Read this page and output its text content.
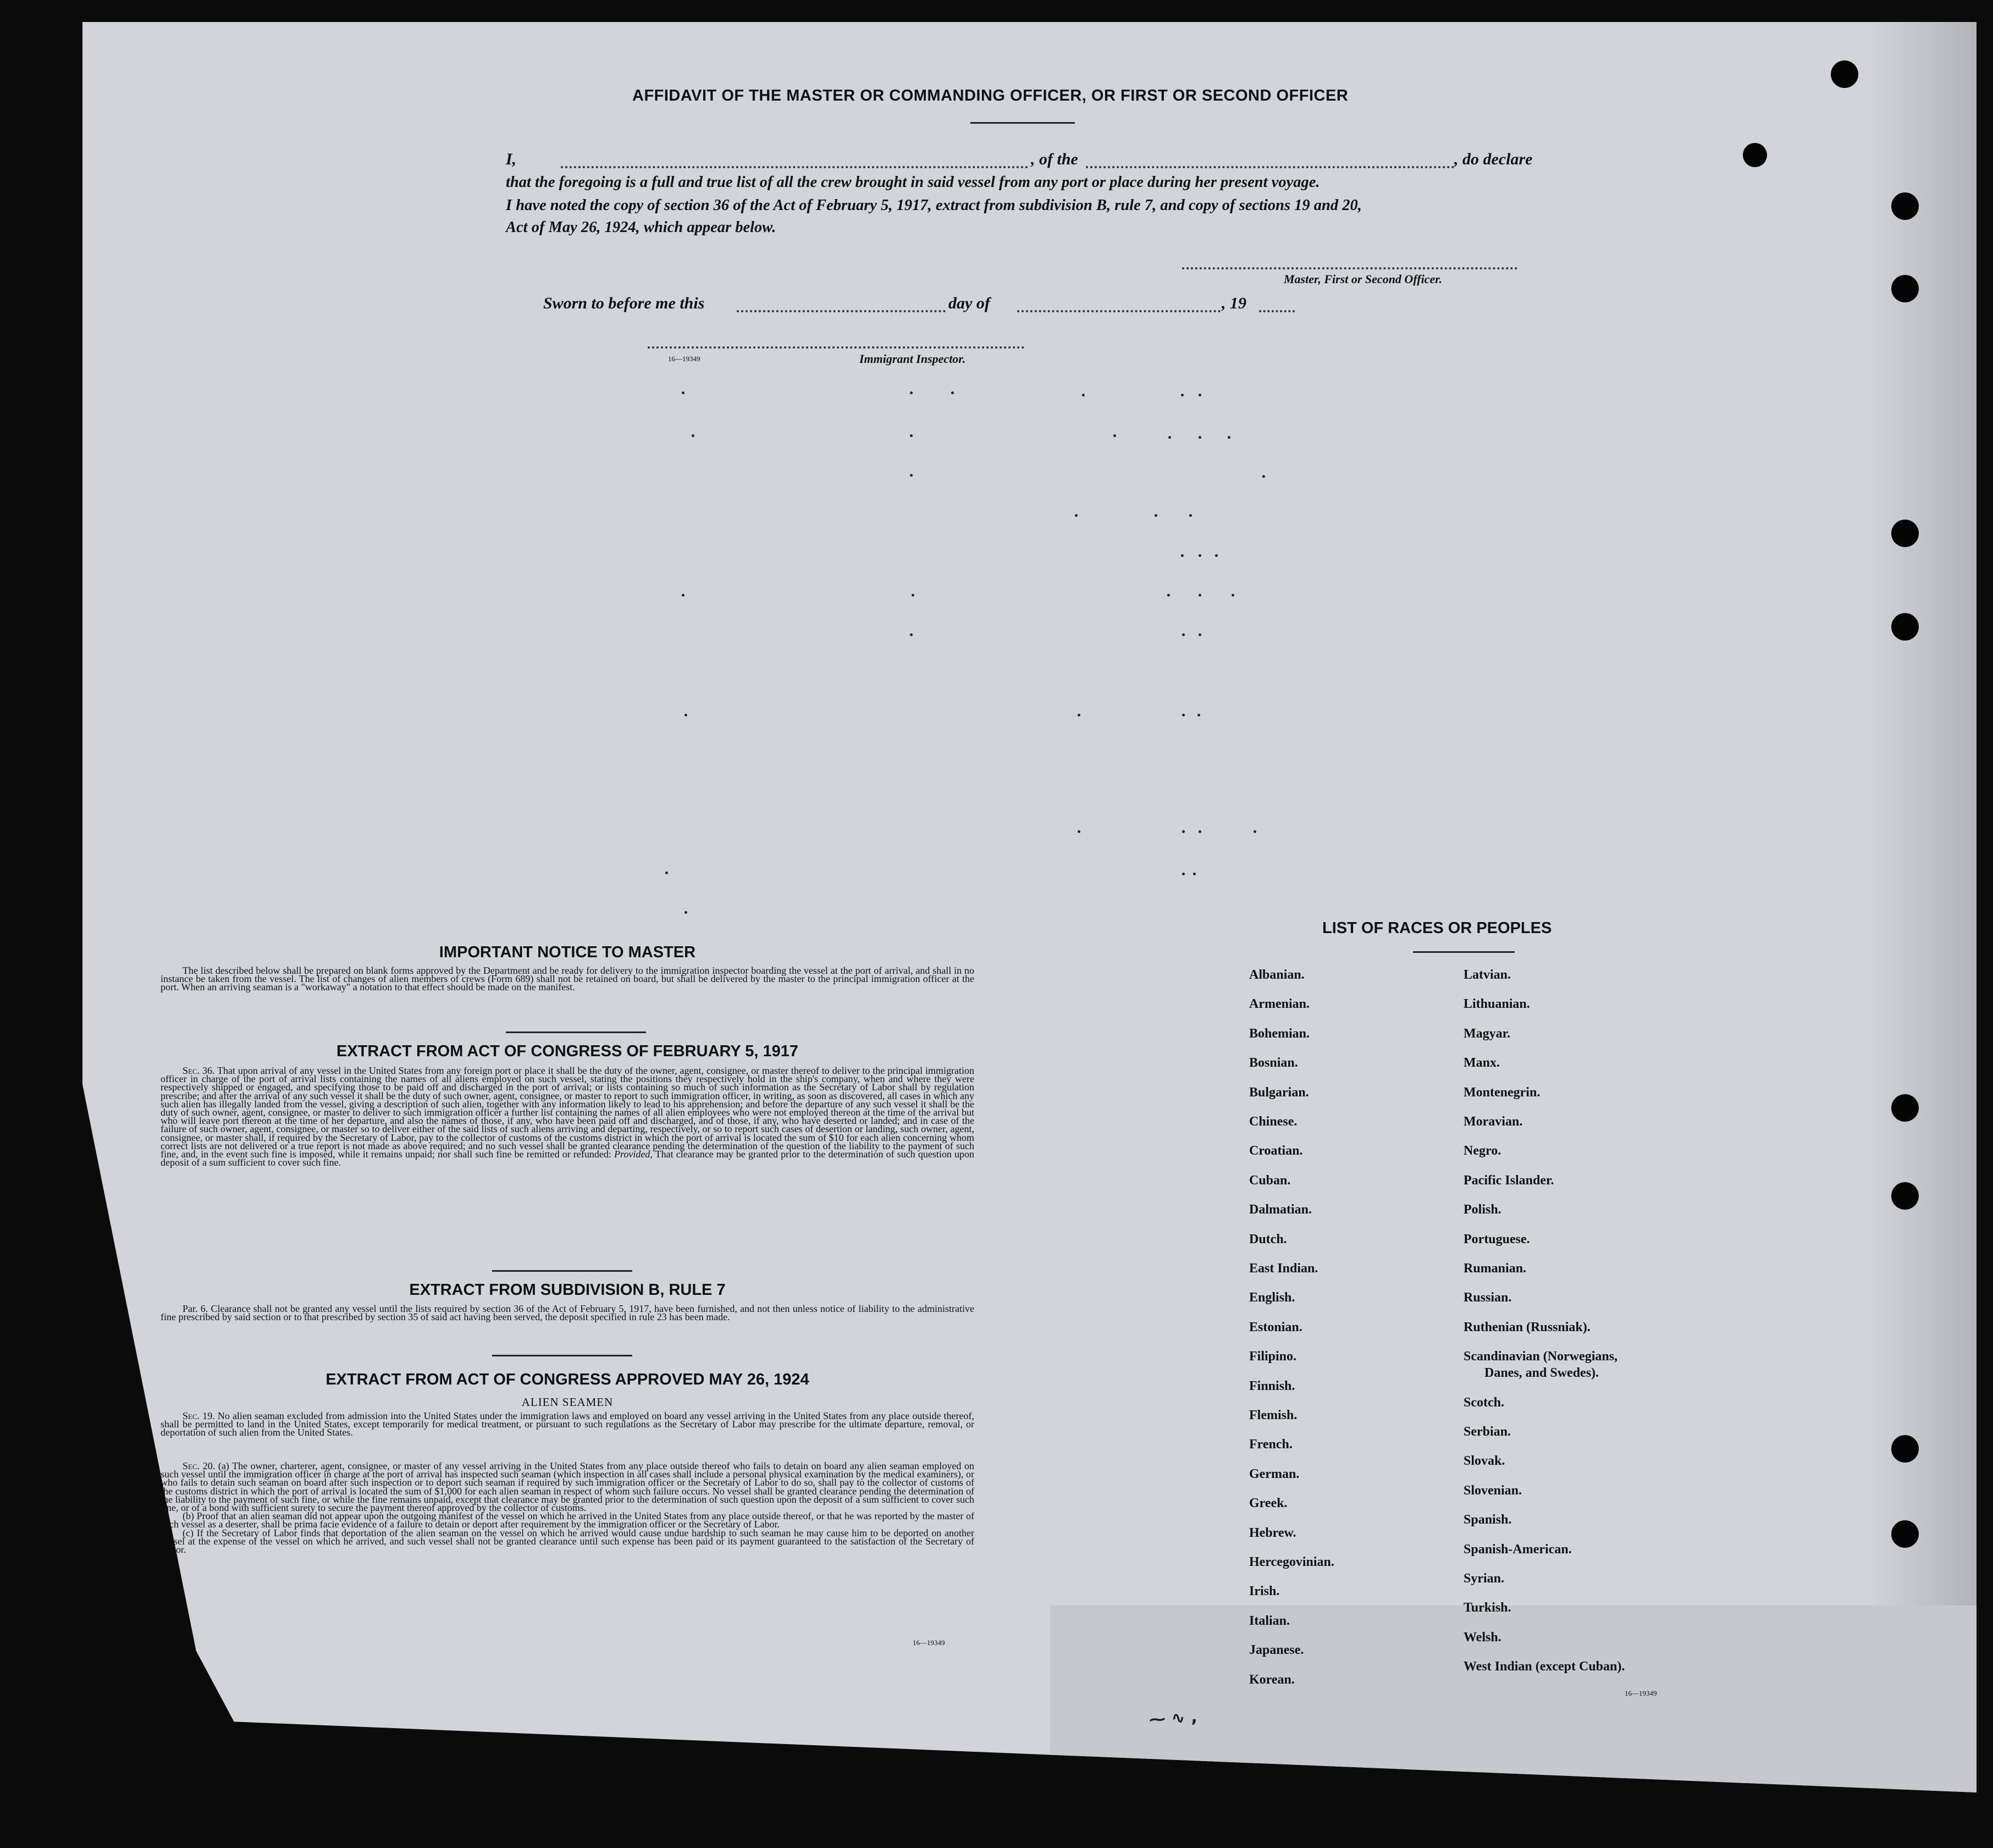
AFFIDAVIT OF THE MASTER OR COMMANDING OFFICER, OR FIRST OR SECOND OFFICER
I,	, of the	, do declare
that the foregoing is a full and true list of all the crew brought in said vessel from any port or place during her present voyage.
I have noted the copy of section 36 of the Act of February 5, 1917, extract from subdivision B, rule 7, and copy of sections 19 and 20,
Act of May 26, 1924, which appear below.
Master, First or Second Officer.
Sworn to before me this	day of	, 19
16—19349	Immigrant Inspector.
IMPORTANT NOTICE TO MASTER
The list described below shall be prepared on blank forms approved by the Department and be ready for delivery to the immigration inspector boarding the vessel at the port of arrival, and shall in no instance be taken from the vessel. The list of changes of alien members of crews (Form 689) shall not be retained on board, but shall be delivered by the master to the principal immigration officer at the port. When an arriving seaman is a "workaway" a notation to that effect should be made on the manifest.
EXTRACT FROM ACT OF CONGRESS OF FEBRUARY 5, 1917
Sec. 36. That upon arrival of any vessel in the United States from any foreign port or place it shall be the duty of the owner, agent, consignee, or master thereof to deliver to the principal immigration officer in charge of the port of arrival lists containing the names of all aliens employed on such vessel, stating the positions they respectively hold in the ship's company, when and where they were respectively shipped or engaged, and specifying those to be paid off and discharged in the port of arrival; or lists containing so much of such information as the Secretary of Labor shall by regulation prescribe; and after the arrival of any such vessel it shall be the duty of such owner, agent, consignee, or master to report to such immigration officer, in writing, as soon as discovered, all cases in which any such alien has illegally landed from the vessel, giving a description of such alien, together with any information likely to lead to his apprehension; and before the departure of any such vessel it shall be the duty of such owner, agent, consignee, or master to deliver to such immigration officer a further list containing the names of all alien employees who were not employed thereon at the time of the arrival but who will leave port thereon at the time of her departure, and also the names of those, if any, who have been paid off and discharged, and of those, if any, who have deserted or landed; and in case of the failure of such owner, agent, consignee, or master so to deliver either of the said lists of such aliens arriving and departing, respectively, or so to report such cases of desertion or landing, such owner, agent, consignee, or master shall, if required by the Secretary of Labor, pay to the collector of customs of the customs district in which the port of arrival is located the sum of $10 for each alien concerning whom correct lists are not delivered or a true report is not made as above required; and no such vessel shall be granted clearance pending the determination of the question of the liability to the payment of such fine, and, in the event such fine is imposed, while it remains unpaid; nor shall such fine be remitted or refunded: Provided, That clearance may be granted prior to the determination of such question upon deposit of a sum sufficient to cover such fine.
EXTRACT FROM SUBDIVISION B, RULE 7
Par. 6. Clearance shall not be granted any vessel until the lists required by section 36 of the Act of February 5, 1917, have been furnished, and not then unless notice of liability to the administrative fine prescribed by said section or to that prescribed by section 35 of said act having been served, the deposit specified in rule 23 has been made.
EXTRACT FROM ACT OF CONGRESS APPROVED MAY 26, 1924
ALIEN SEAMEN
Sec. 19. No alien seaman excluded from admission into the United States under the immigration laws and employed on board any vessel arriving in the United States from any place outside thereof, shall be permitted to land in the United States, except temporarily for medical treatment, or pursuant to such regulations as the Secretary of Labor may prescribe for the ultimate departure, removal, or deportation of such alien from the United States.

Sec. 20. (a) The owner, charterer, agent, consignee, or master of any vessel arriving in the United States from any place outside thereof who fails to detain on board any alien seaman employed on such vessel until the immigration officer in charge at the port of arrival has inspected such seaman (which inspection in all cases shall include a personal physical examination by the medical examiners), or who fails to detain such seaman on board after such inspection or to deport such seaman if required by such immigration officer or the Secretary of Labor to do so, shall pay to the collector of customs of the customs district in which the port of arrival is located the sum of $1,000 for each alien seaman in respect of whom such failure occurs. No vessel shall be granted clearance pending the determination of the liability to the payment of such fine, or while the fine remains unpaid, except that clearance may be granted prior to the determination of such question upon the deposit of a sum sufficient to cover such fine, or of a bond with sufficient surety to secure the payment thereof approved by the collector of customs.

(b) Proof that an alien seaman did not appear upon the outgoing manifest of the vessel on which he arrived in the United States from any place outside thereof, or that he was reported by the master of such vessel as a deserter, shall be prima facie evidence of a failure to detain or deport after requirement by the immigration officer or the Secretary of Labor.

(c) If the Secretary of Labor finds that deportation of the alien seaman on the vessel on which he arrived would cause undue hardship to such seaman he may cause him to be deported on another vessel at the expense of the vessel on which he arrived, and such vessel shall not be granted clearance until such expense has been paid or its payment guaranteed to the satisfaction of the Secretary of Labor.

16—19349
LIST OF RACES OR PEOPLES
Albanian.
Armenian.
Bohemian.
Bosnian.
Bulgarian.
Chinese.
Croatian.
Cuban.
Dalmatian.
Dutch.
East Indian.
English.
Estonian.
Filipino.
Finnish.
Flemish.
French.
German.
Greek.
Hebrew.
Hercegovinian.
Irish.
Italian.
Japanese.
Korean.
Latvian.
Lithuanian.
Magyar.
Manx.
Montenegrin.
Moravian.
Negro.
Pacific Islander.
Polish.
Portuguese.
Rumanian.
Russian.
Ruthenian (Russniak).
Scandinavian (Norwegians,
Danes, and Swedes).
Scotch.
Serbian.
Slovak.
Slovenian.
Spanish.
Spanish-American.
Syrian.
Turkish.
Welsh.
West Indian (except Cuban).
16—19349
⁓ ∿ ,
